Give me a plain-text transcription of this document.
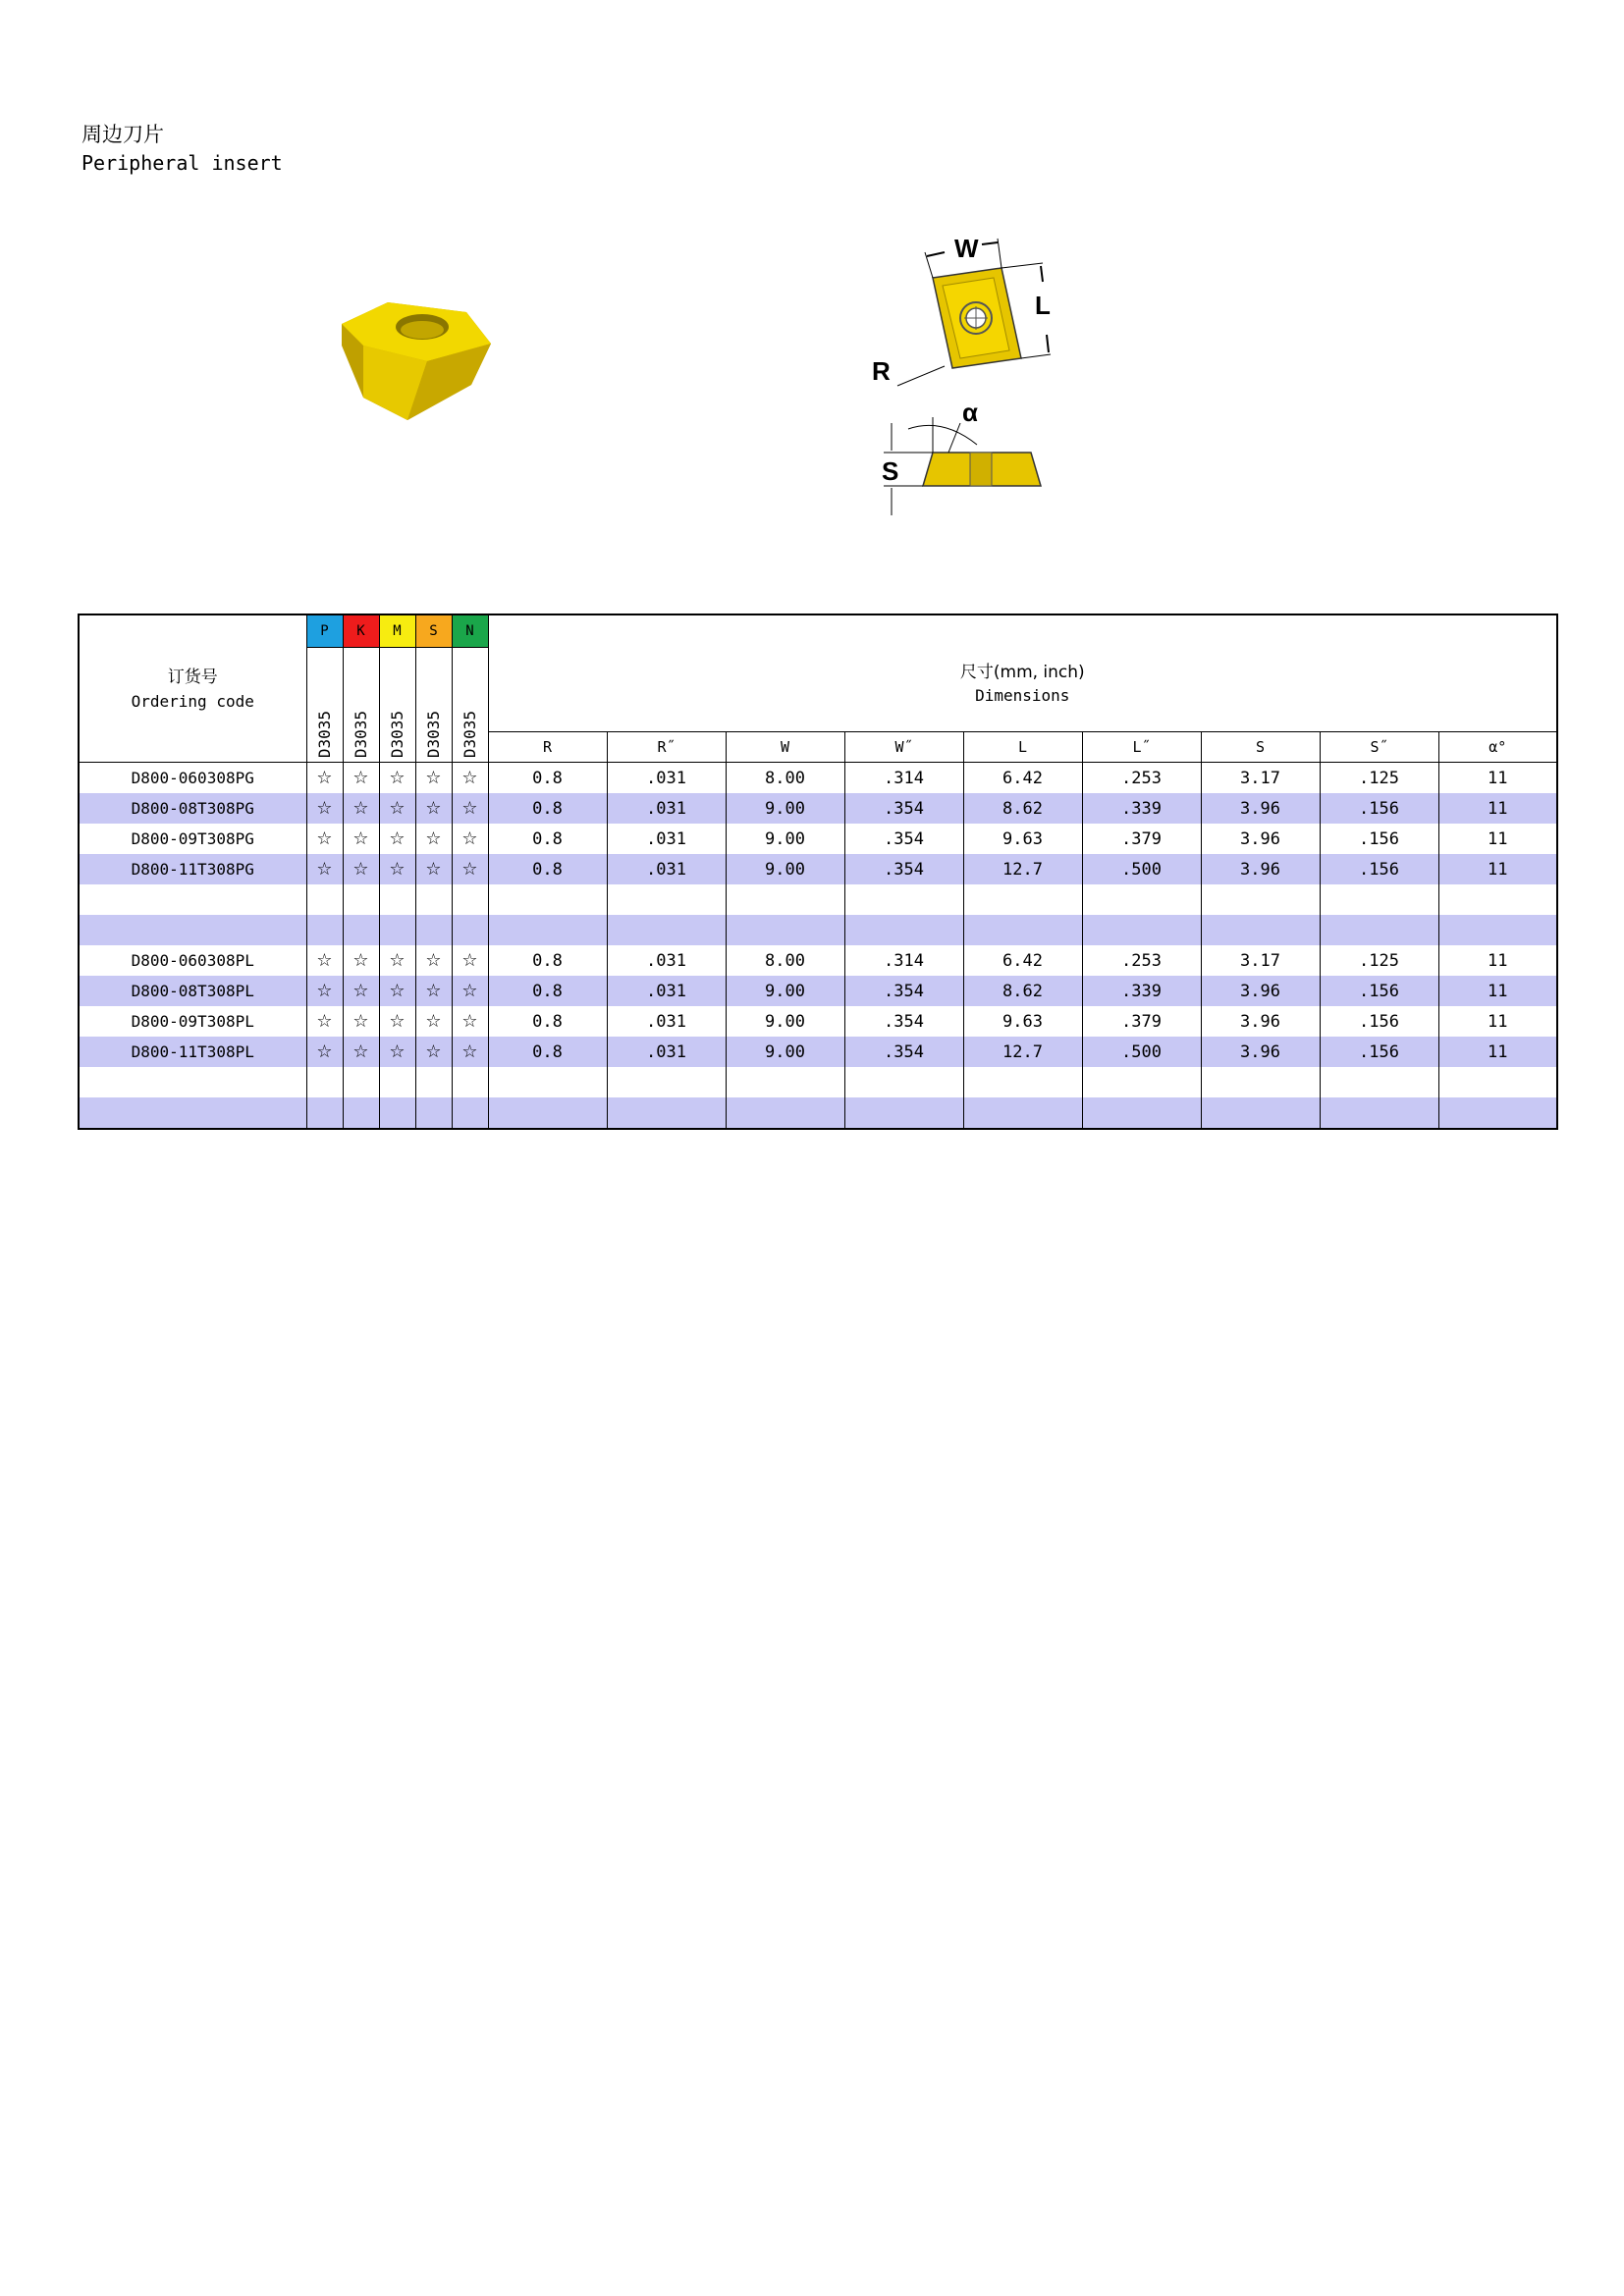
周边刀片
Peripheral insert
W
L
R
α
S
订货号
Ordering code	P	K	M	S	N	尺寸(mm, inch)
Dimensions								

	D3035	D3035	D3035	D3035	D3035									
						R	R˝	W	W˝	L	L˝	S	S˝	α°
D800-060308PG	☆	☆	☆	☆	☆	0.8	.031	8.00	.314	6.42	.253	3.17	.125	11
D800-08T308PG	☆	☆	☆	☆	☆	0.8	.031	9.00	.354	8.62	.339	3.96	.156	11
D800-09T308PG	☆	☆	☆	☆	☆	0.8	.031	9.00	.354	9.63	.379	3.96	.156	11
D800-11T308PG	☆	☆	☆	☆	☆	0.8	.031	9.00	.354	12.7	.500	3.96	.156	11

D800-060308PL	☆	☆	☆	☆	☆	0.8	.031	8.00	.314	6.42	.253	3.17	.125	11
D800-08T308PL	☆	☆	☆	☆	☆	0.8	.031	9.00	.354	8.62	.339	3.96	.156	11
D800-09T308PL	☆	☆	☆	☆	☆	0.8	.031	9.00	.354	9.63	.379	3.96	.156	11
D800-11T308PL	☆	☆	☆	☆	☆	0.8	.031	9.00	.354	12.7	.500	3.96	.156	11
